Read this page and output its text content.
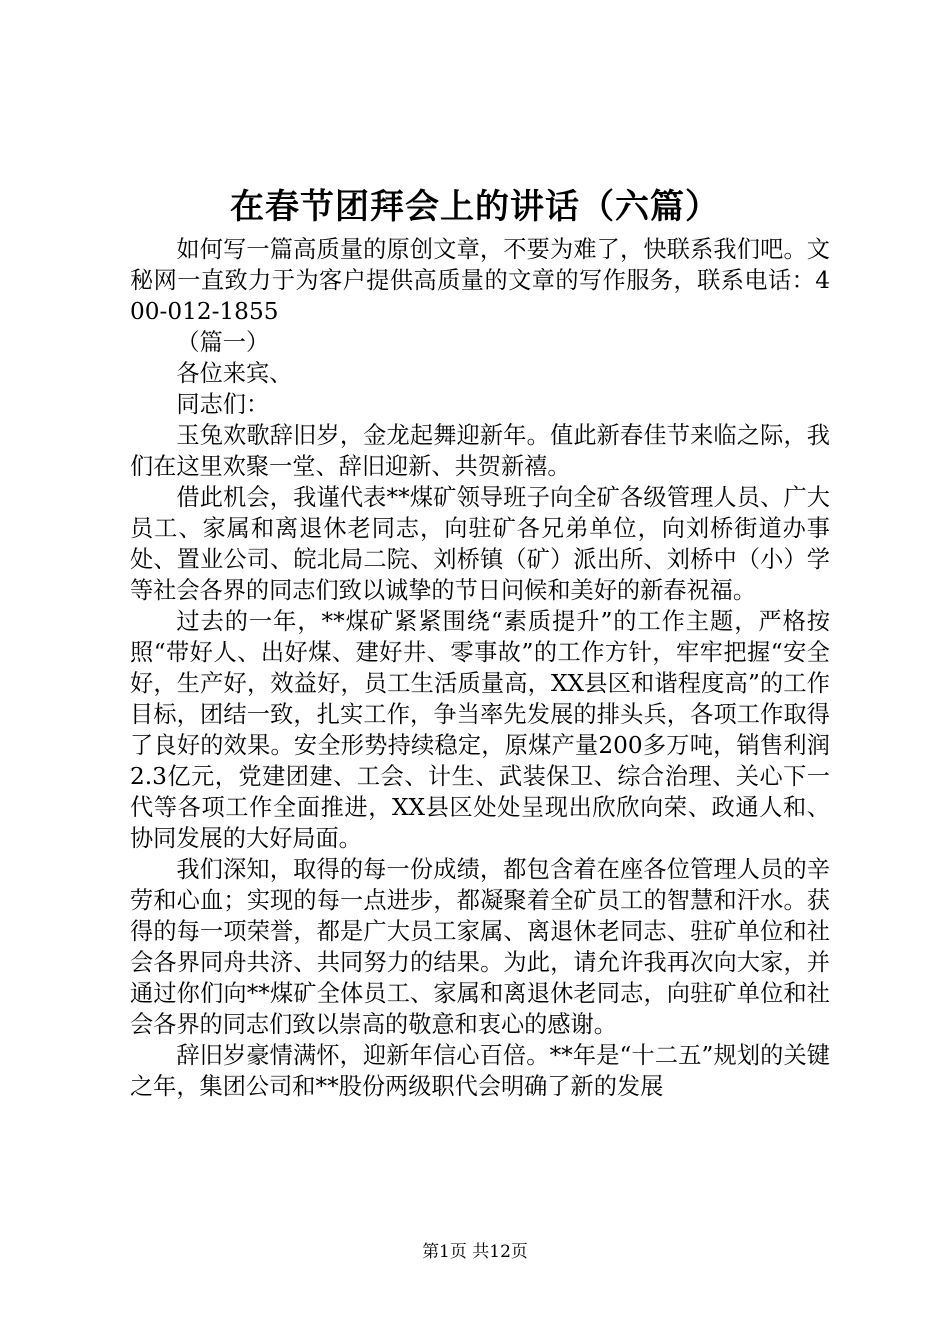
在春节团拜会上的讲话（六篇）

如何写一篇高质量的原创文章，不要为难了，快联系我们吧。文秘网一直致力于为客户提供高质量的文章的写作服务，联系电话：400-012-1855

（篇一）

各位来宾、

同志们：

玉兔欢歌辞旧岁，金龙起舞迎新年。值此新春佳节来临之际，我们在这里欢聚一堂、辞旧迎新、共贺新禧。

借此机会，我谨代表**煤矿领导班子向全矿各级管理人员、广大员工、家属和离退休老同志，向驻矿各兄弟单位，向刘桥街道办事处、置业公司、皖北局二院、刘桥镇（矿）派出所、刘桥中（小）学等社会各界的同志们致以诚挚的节日问候和美好的新春祝福。

过去的一年，**煤矿紧紧围绕“素质提升”的工作主题，严格按照“带好人、出好煤、建好井、零事故”的工作方针，牢牢把握“安全好，生产好，效益好，员工生活质量高，XX县区和谐程度高”的工作目标，团结一致，扎实工作，争当率先发展的排头兵，各项工作取得了良好的效果。安全形势持续稳定，原煤产量200多万吨，销售利润2.3亿元，党建团建、工会、计生、武装保卫、综合治理、关心下一代等各项工作全面推进，XX县区处处呈现出欣欣向荣、政通人和、协同发展的大好局面。

我们深知，取得的每一份成绩，都包含着在座各位管理人员的辛劳和心血；实现的每一点进步，都凝聚着全矿员工的智慧和汗水。获得的每一项荣誉，都是广大员工家属、离退休老同志、驻矿单位和社会各界同舟共济、共同努力的结果。为此，请允许我再次向大家，并通过你们向**煤矿全体员工、家属和离退休老同志，向驻矿单位和社会各界的同志们致以崇高的敬意和衷心的感谢。

辞旧岁豪情满怀，迎新年信心百倍。**年是“十二五”规划的关键之年，集团公司和**股份两级职代会明确了新的发展

第1页 共12页
